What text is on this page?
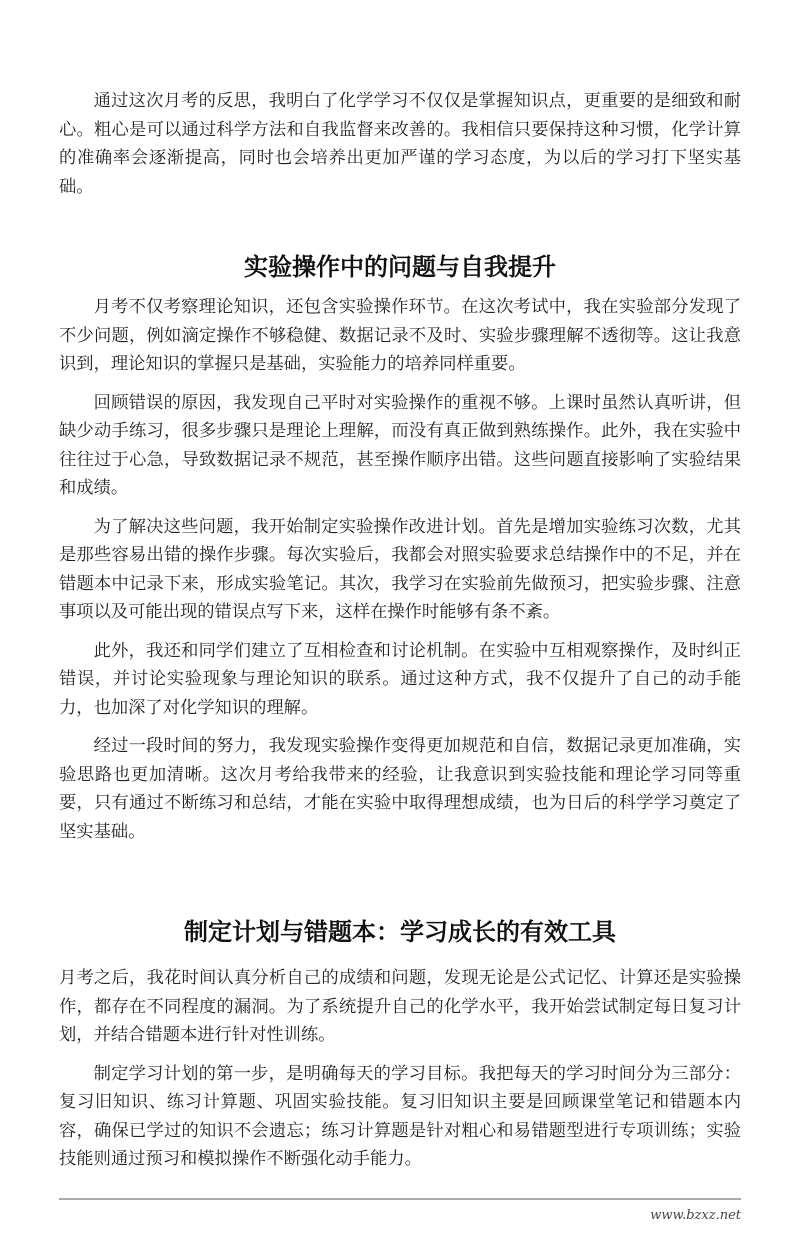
通过这次月考的反思，我明白了化学学习不仅仅是掌握知识点，更重要的是细致和耐心。粗心是可以通过科学方法和自我监督来改善的。我相信只要保持这种习惯，化学计算的准确率会逐渐提高，同时也会培养出更加严谨的学习态度，为以后的学习打下坚实基础。

实验操作中的问题与自我提升

月考不仅考察理论知识，还包含实验操作环节。在这次考试中，我在实验部分发现了不少问题，例如滴定操作不够稳健、数据记录不及时、实验步骤理解不透彻等。这让我意识到，理论知识的掌握只是基础，实验能力的培养同样重要。

回顾错误的原因，我发现自己平时对实验操作的重视不够。上课时虽然认真听讲，但缺少动手练习，很多步骤只是理论上理解，而没有真正做到熟练操作。此外，我在实验中往往过于心急，导致数据记录不规范，甚至操作顺序出错。这些问题直接影响了实验结果和成绩。

为了解决这些问题，我开始制定实验操作改进计划。首先是增加实验练习次数，尤其是那些容易出错的操作步骤。每次实验后，我都会对照实验要求总结操作中的不足，并在错题本中记录下来，形成实验笔记。其次，我学习在实验前先做预习，把实验步骤、注意事项以及可能出现的错误点写下来，这样在操作时能够有条不紊。

此外，我还和同学们建立了互相检查和讨论机制。在实验中互相观察操作，及时纠正错误，并讨论实验现象与理论知识的联系。通过这种方式，我不仅提升了自己的动手能力，也加深了对化学知识的理解。

经过一段时间的努力，我发现实验操作变得更加规范和自信，数据记录更加准确，实验思路也更加清晰。这次月考给我带来的经验，让我意识到实验技能和理论学习同等重要，只有通过不断练习和总结，才能在实验中取得理想成绩，也为日后的科学学习奠定了坚实基础。

制定计划与错题本：学习成长的有效工具

月考之后，我花时间认真分析自己的成绩和问题，发现无论是公式记忆、计算还是实验操作，都存在不同程度的漏洞。为了系统提升自己的化学水平，我开始尝试制定每日复习计划，并结合错题本进行针对性训练。

制定学习计划的第一步，是明确每天的学习目标。我把每天的学习时间分为三部分：复习旧知识、练习计算题、巩固实验技能。复习旧知识主要是回顾课堂笔记和错题本内容，确保已学过的知识不会遗忘；练习计算题是针对粗心和易错题型进行专项训练；实验技能则通过预习和模拟操作不断强化动手能力。

www.bzxz.net
